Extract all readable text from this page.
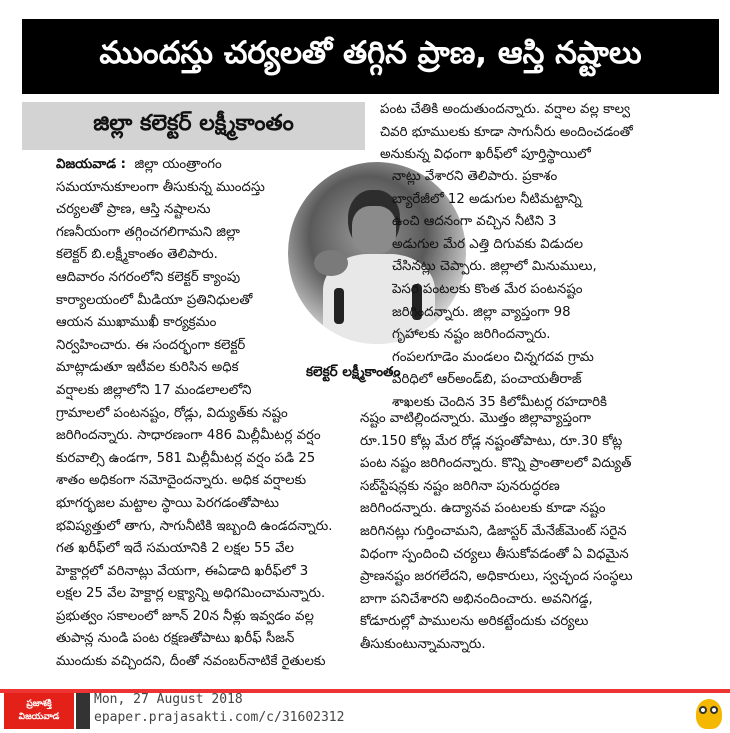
ముందస్తు చర్యలతో తగ్గిన ప్రాణ, ఆస్తి నష్టాలు
జిల్లా కలెక్టర్ లక్ష్మీకాంతం
విజయవాడ : జిల్లా యంత్రాంగం
సమయానుకూలంగా తీసుకున్న ముందస్తు
చర్యలతో ప్రాణ, ఆస్తి నష్టాలను
గణనీయంగా తగ్గించగలిగామని జిల్లా
కలెక్టర్ బి.లక్ష్మీకాంతం తెలిపారు.
ఆదివారం నగరంలోని కలెక్టర్ క్యాంపు
కార్యాలయంలో మీడియా ప్రతినిధులతో
ఆయన ముఖాముఖీ కార్యక్రమం
నిర్వహించారు. ఈ సందర్భంగా కలెక్టర్
మాట్లాడుతూ ఇటీవల కురిసిన అధిక
వర్షాలకు జిల్లాలోని 17 మండలాలలోని
గ్రామాలలో పంటనష్టం, రోడ్లు, విద్యుత్‌కు నష్టం
జరిగిందన్నారు. సాధారణంగా 486 మిల్లీమీటర్ల వర్షం
కురవాల్సి ఉండగా, 581 మిల్లీమీటర్ల వర్షం పడి 25
శాతం అధికంగా నమోదైందన్నారు. అధిక వర్షాలకు
భూగర్భజల మట్టాల స్థాయి పెరగడంతోపాటు
భవిష్యత్తులో తాగు, సాగునీటికి ఇబ్బంది ఉండదన్నారు.
గత ఖరీఫ్‌లో ఇదే సమయానికి 2 లక్షల 55 వేల
హెక్టార్లలో వరినాట్లు వేయగా, ఈఏడాది ఖరీఫ్‌లో 3
లక్షల 25 వేల హెక్టార్ల లక్ష్యాన్ని అధిగమించామన్నారు.
ప్రభుత్వం సకాలంలో జూన్ 20న నీళ్లు ఇవ్వడం వల్ల
తుపాన్ల నుండి పంట రక్షణతోపాటు ఖరీఫ్ సీజన్
ముందుకు వచ్చిందని, దీంతో నవంబర్‌నాటికే రైతులకు
కలెక్టర్ లక్ష్మీకాంతం
పంట చేతికి అందుతుందన్నారు. వర్షాల వల్ల కాల్వ
చివరి భూములకు కూడా సాగునీరు అందించడంతో
అనుకున్న విధంగా ఖరీఫ్‌లో పూర్తిస్థాయిలో
నాట్లు వేశారని తెలిపారు. ప్రకాశం
బ్యారేజీలో 12 అడుగుల నీటిమట్టాన్ని
ఉంచి ఆదనంగా వచ్చిన నీటిని 3
అడుగుల మేర ఎత్తి దిగువకు విడుదల
చేసినట్లు చెప్పారు. జిల్లాలో మినుములు,
పెసర పంటలకు కొంత మేర పంటనష్టం
జరిగిందన్నారు. జిల్లా వ్యాప్తంగా 98
గృహాలకు నష్టం జరిగిందన్నారు.
గంపలగూడెం మండలం చిన్నగదవ గ్రామ
పరిధిలో ఆర్అండ్‌బి, పంచాయతీరాజ్
శాఖలకు చెందిన 35 కిలోమీటర్ల రహదారికి
నష్టం వాటిల్లిందన్నారు. మొత్తం జిల్లావ్యాప్తంగా
రూ.150 కోట్ల మేర రోడ్ల నష్టంతోపాటు, రూ.30 కోట్ల
పంట నష్టం జరిగిందన్నారు. కొన్ని ప్రాంతాలలో విద్యుత్
సబ్‌స్టేషన్లకు నష్టం జరిగినా పునరుద్ధరణ
జరిగిందన్నారు. ఉద్యానవ పంటలకు కూడా నష్టం
జరిగినట్లు గుర్తించామని, డిజాస్టర్ మేనేజ్‌మెంట్ సరైన
విధంగా స్పందించి చర్యలు తీసుకోవడంతో ఏ విధమైన
ప్రాణనష్టం జరగలేదని, అధికారులు, స్వచ్ఛంద సంస్థలు
బాగా పనిచేశారని అభినందించారు. అవనిగడ్డ,
కోడూరుల్లో పాములను అరికట్టేందుకు చర్యలు
తీసుకుంటున్నామన్నారు.
ప్రజాశక్తి
విజయవాడ
Mon, 27 August 2018
epaper.prajasakti.com/c/31602312
